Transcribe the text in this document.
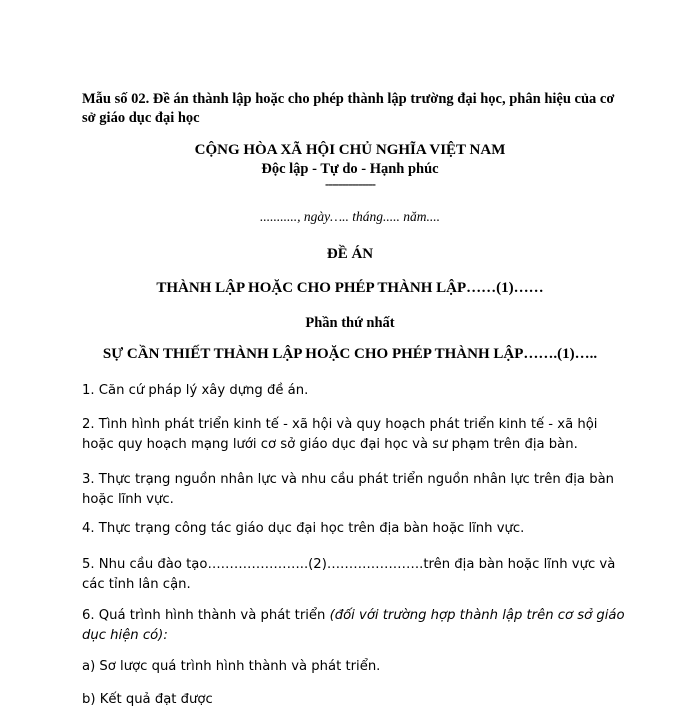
Mẫu số 02. Đề án thành lập hoặc cho phép thành lập trường đại học, phân hiệu của cơ sở giáo dục đại học
CỘNG HÒA XÃ HỘI CHỦ NGHĨA VIỆT NAM
Độc lập - Tự do - Hạnh phúc
---------------
..........., ngày….. tháng..... năm....
ĐỀ ÁN
THÀNH LẬP HOẶC CHO PHÉP THÀNH LẬP……(1)……
Phần thứ nhất
SỰ CẦN THIẾT THÀNH LẬP HOẶC CHO PHÉP THÀNH LẬP…….(1)…..
1. Căn cứ pháp lý xây dựng đề án.
2. Tình hình phát triển kinh tế - xã hội và quy hoạch phát triển kinh tế - xã hội hoặc quy hoạch mạng lưới cơ sở giáo dục đại học và sư phạm trên địa bàn.
3. Thực trạng nguồn nhân lực và nhu cầu phát triển nguồn nhân lực trên địa bàn hoặc lĩnh vực.
4. Thực trạng công tác giáo dục đại học trên địa bàn hoặc lĩnh vực.
5. Nhu cầu đào tạo…………………..(2)………………….trên địa bàn hoặc lĩnh vực và các tỉnh lân cận.
6. Quá trình hình thành và phát triển (đối với trường hợp thành lập trên cơ sở giáo dục hiện có):
a) Sơ lược quá trình hình thành và phát triển.
b) Kết quả đạt được
